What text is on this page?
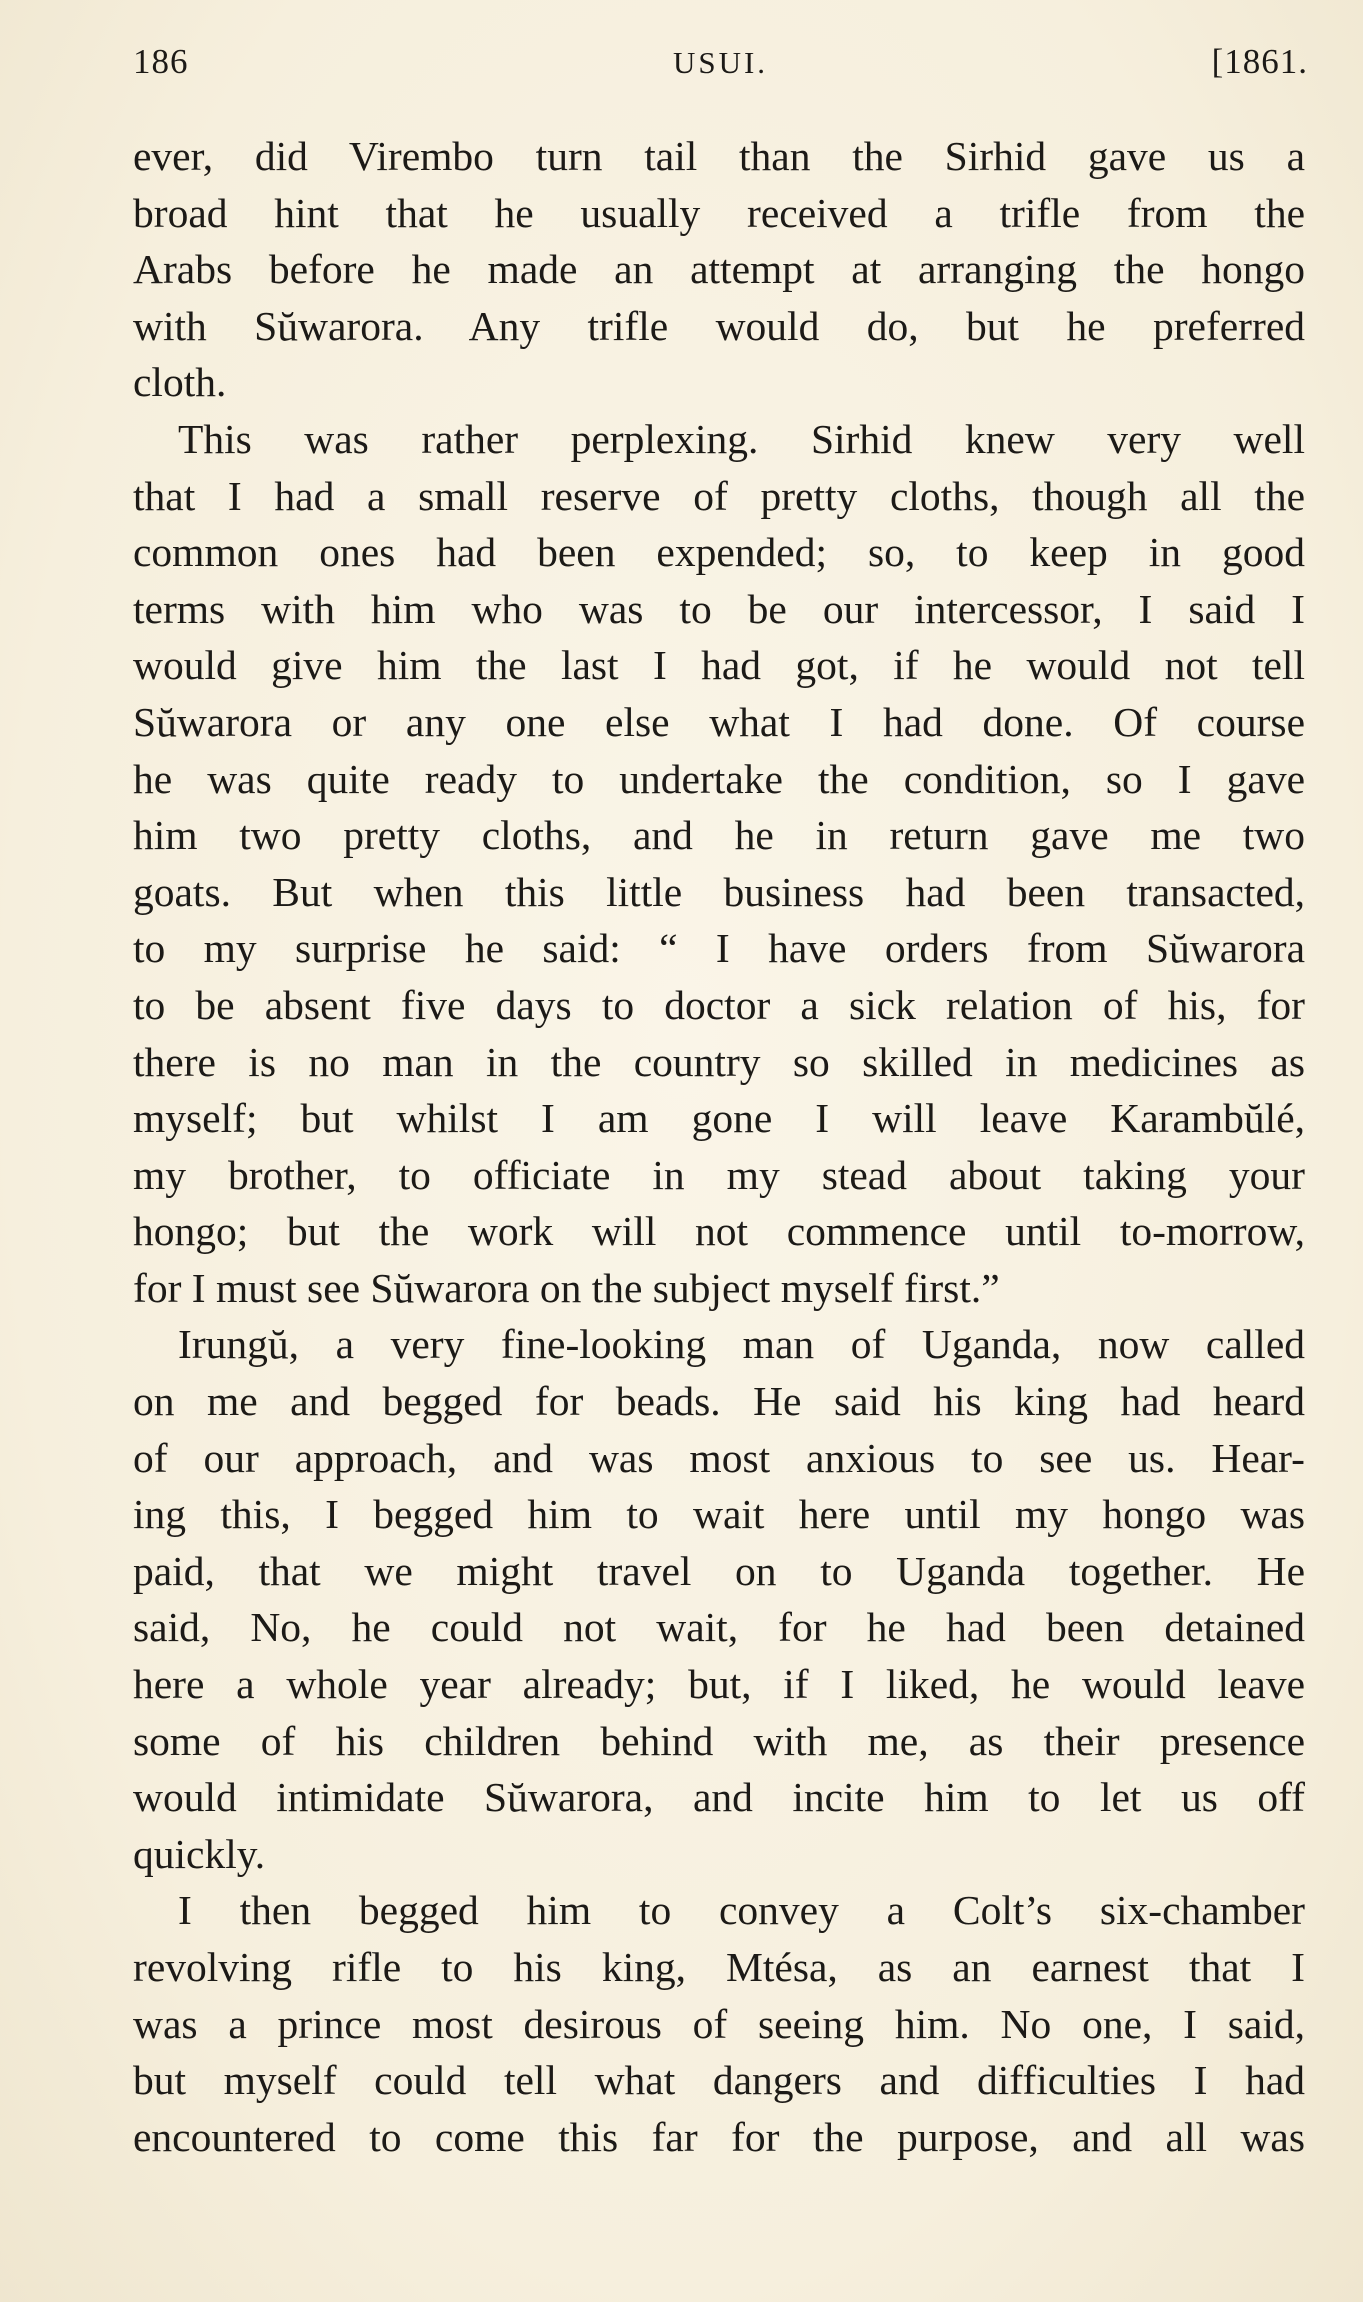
186	USUI.	[1861.
ever, did Virembo turn tail than the Sirhid gave us a
broad hint that he usually received a trifle from the
Arabs before he made an attempt at arranging the hongo
with Sŭwarora. Any trifle would do, but he preferred
cloth.
This was rather perplexing. Sirhid knew very well
that I had a small reserve of pretty cloths, though all the
common ones had been expended; so, to keep in good
terms with him who was to be our intercessor, I said I
would give him the last I had got, if he would not tell
Sŭwarora or any one else what I had done. Of course
he was quite ready to undertake the condition, so I gave
him two pretty cloths, and he in return gave me two
goats. But when this little business had been transacted,
to my surprise he said: “ I have orders from Sŭwarora
to be absent five days to doctor a sick relation of his, for
there is no man in the country so skilled in medicines as
myself; but whilst I am gone I will leave Karambŭlé,
my brother, to officiate in my stead about taking your
hongo; but the work will not commence until to-morrow,
for I must see Sŭwarora on the subject myself first.”
Irungŭ, a very fine-looking man of Uganda, now called
on me and begged for beads. He said his king had heard
of our approach, and was most anxious to see us. Hear-
ing this, I begged him to wait here until my hongo was
paid, that we might travel on to Uganda together. He
said, No, he could not wait, for he had been detained
here a whole year already; but, if I liked, he would leave
some of his children behind with me, as their presence
would intimidate Sŭwarora, and incite him to let us off
quickly.
I then begged him to convey a Colt’s six-chamber
revolving rifle to his king, Mtésa, as an earnest that I
was a prince most desirous of seeing him. No one, I said,
but myself could tell what dangers and difficulties I had
encountered to come this far for the purpose, and all was
